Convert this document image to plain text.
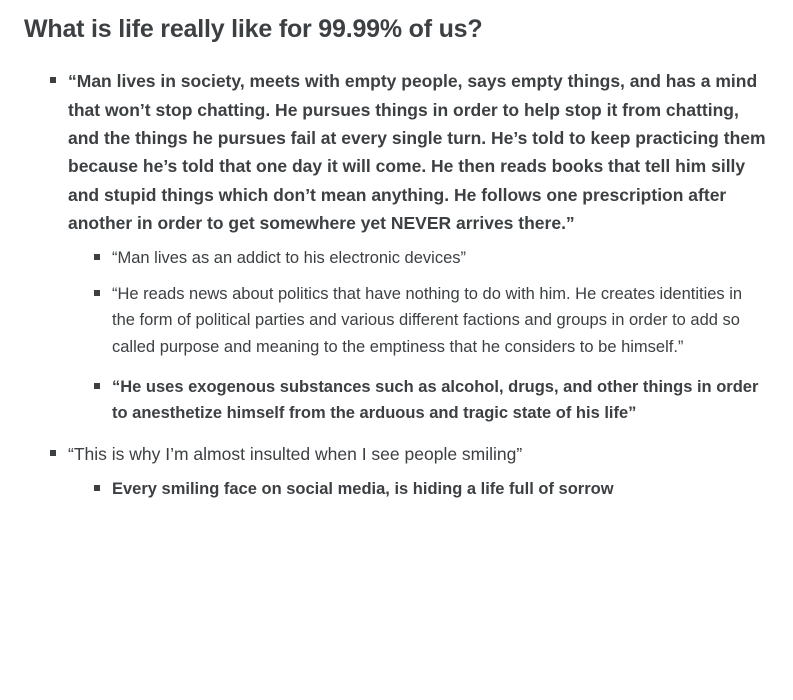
What is life really like for 99.99% of us?
“Man lives in society, meets with empty people, says empty things, and has a mind that won’t stop chatting. He pursues things in order to help stop it from chatting, and the things he pursues fail at every single turn. He’s told to keep practicing them because he’s told that one day it will come. He then reads books that tell him silly and stupid things which don’t mean anything. He follows one prescription after another in order to get somewhere yet NEVER arrives there.”
“Man lives as an addict to his electronic devices”
“He reads news about politics that have nothing to do with him. He creates identities in the form of political parties and various different factions and groups in order to add so called purpose and meaning to the emptiness that he considers to be himself.”
“He uses exogenous substances such as alcohol, drugs, and other things in order to anesthetize himself from the arduous and tragic state of his life”
“This is why I’m almost insulted when I see people smiling”
Every smiling face on social media, is hiding a life full of sorrow
